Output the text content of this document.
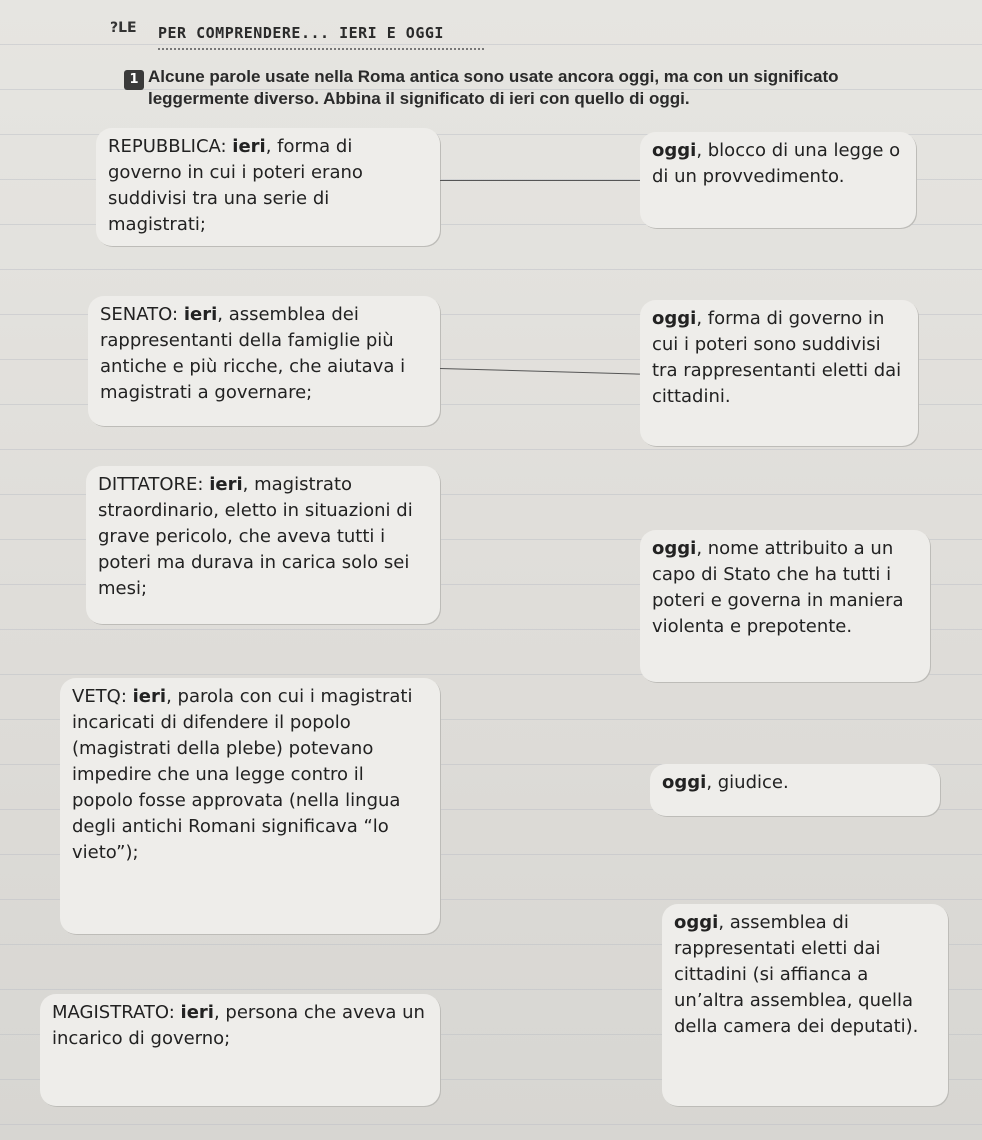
?LE PER COMPRENDERE... IERI E OGGI
1 Alcune parole usate nella Roma antica sono usate ancora oggi, ma con un significato leggermente diverso. Abbina il significato di ieri con quello di oggi.
REPUBBLICA: ieri, forma di governo in cui i poteri erano suddivisi tra una serie di magistrati;
SENATO: ieri, assemblea dei rappresentanti della famiglie più antiche e più ricche, che aiutava i magistrati a governare;
DITTATORE: ieri, magistrato straordinario, eletto in situazioni di grave pericolo, che aveva tutti i poteri ma durava in carica solo sei mesi;
VETQ: ieri, parola con cui i magistrati incaricati di difendere il popolo (magistrati della plebe) potevano impedire che una legge contro il popolo fosse approvata (nella lingua degli antichi Romani significava “lo vieto”);
MAGISTRATO: ieri, persona che aveva un incarico di governo;
oggi, blocco di una legge o di un provvedimento.
oggi, forma di governo in cui i poteri sono suddivisi tra rappresentanti eletti dai cittadini.
oggi, nome attribuito a un capo di Stato che ha tutti i poteri e governa in maniera violenta e prepotente.
oggi, giudice.
oggi, assemblea di rappresentati eletti dai cittadini (si affianca a un’altra assemblea, quella della camera dei deputati).
